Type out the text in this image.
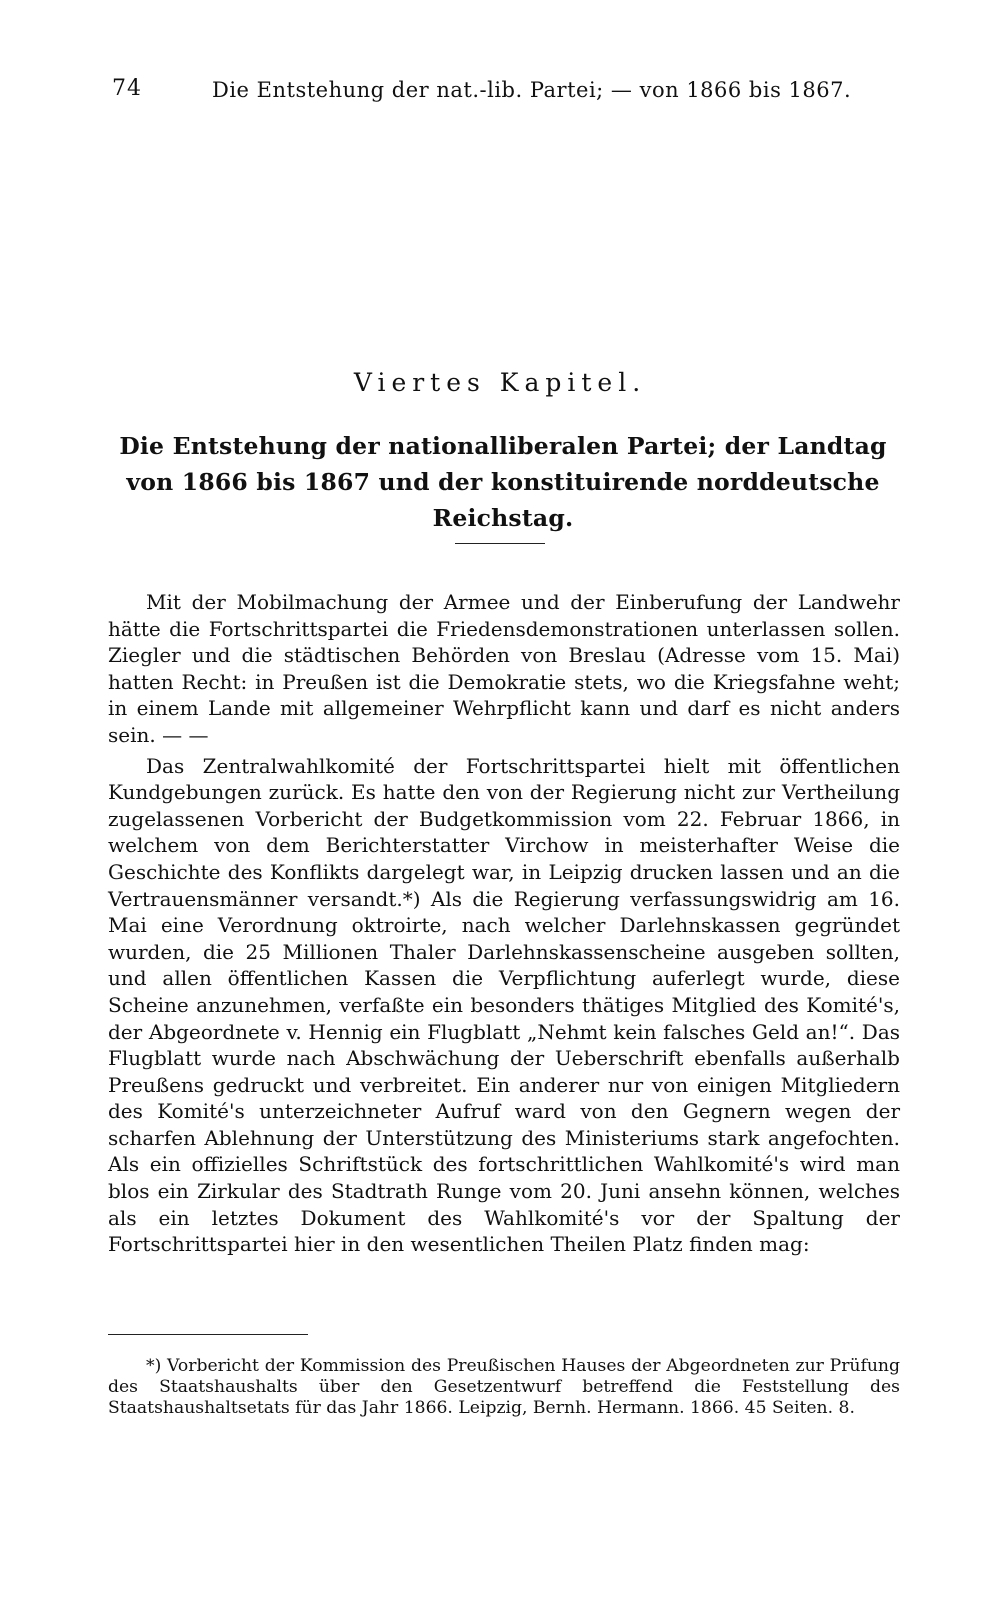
74	Die Entstehung der nat.-lib. Partei; — von 1866 bis 1867.
Viertes Kapitel.
Die Entstehung der nationalliberalen Partei; der Landtag von 1866 bis 1867 und der konstituirende norddeutsche Reichstag.

Mit der Mobilmachung der Armee und der Einberufung der Landwehr hätte die Fortschrittspartei die Friedensdemonstrationen unterlassen sollen. Ziegler und die städtischen Behörden von Breslau (Adresse vom 15. Mai) hatten Recht: in Preußen ist die Demokratie stets, wo die Kriegsfahne weht; in einem Lande mit allgemeiner Wehrpflicht kann und darf es nicht anders sein. — —

Das Zentralwahlkomité der Fortschrittspartei hielt mit öffentlichen Kundgebungen zurück. Es hatte den von der Regierung nicht zur Vertheilung zugelassenen Vorbericht der Budgetkommission vom 22. Februar 1866, in welchem von dem Berichterstatter Virchow in meisterhafter Weise die Geschichte des Konflikts dargelegt war, in Leipzig drucken lassen und an die Vertrauensmänner versandt.*) Als die Regierung verfassungswidrig am 16. Mai eine Verordnung oktroirte, nach welcher Darlehnskassen gegründet wurden, die 25 Millionen Thaler Darlehnskassenscheine ausgeben sollten, und allen öffentlichen Kassen die Verpflichtung auferlegt wurde, diese Scheine anzunehmen, verfaßte ein besonders thätiges Mitglied des Komité's, der Abgeordnete v. Hennig ein Flugblatt „Nehmt kein falsches Geld an!“. Das Flugblatt wurde nach Abschwächung der Ueberschrift ebenfalls außerhalb Preußens gedruckt und verbreitet. Ein anderer nur von einigen Mitgliedern des Komité's unterzeichneter Aufruf ward von den Gegnern wegen der scharfen Ablehnung der Unterstützung des Ministeriums stark angefochten. Als ein offizielles Schriftstück des fortschrittlichen Wahlkomité's wird man blos ein Zirkular des Stadtrath Runge vom 20. Juni ansehn können, welches als ein letztes Dokument des Wahlkomité's vor der Spaltung der Fortschrittspartei hier in den wesentlichen Theilen Platz finden mag:

*) Vorbericht der Kommission des Preußischen Hauses der Abgeordneten zur Prüfung des Staatshaushalts über den Gesetzentwurf betreffend die Feststellung des Staatshaushaltsetats für das Jahr 1866. Leipzig, Bernh. Hermann. 1866. 45 Seiten. 8.
